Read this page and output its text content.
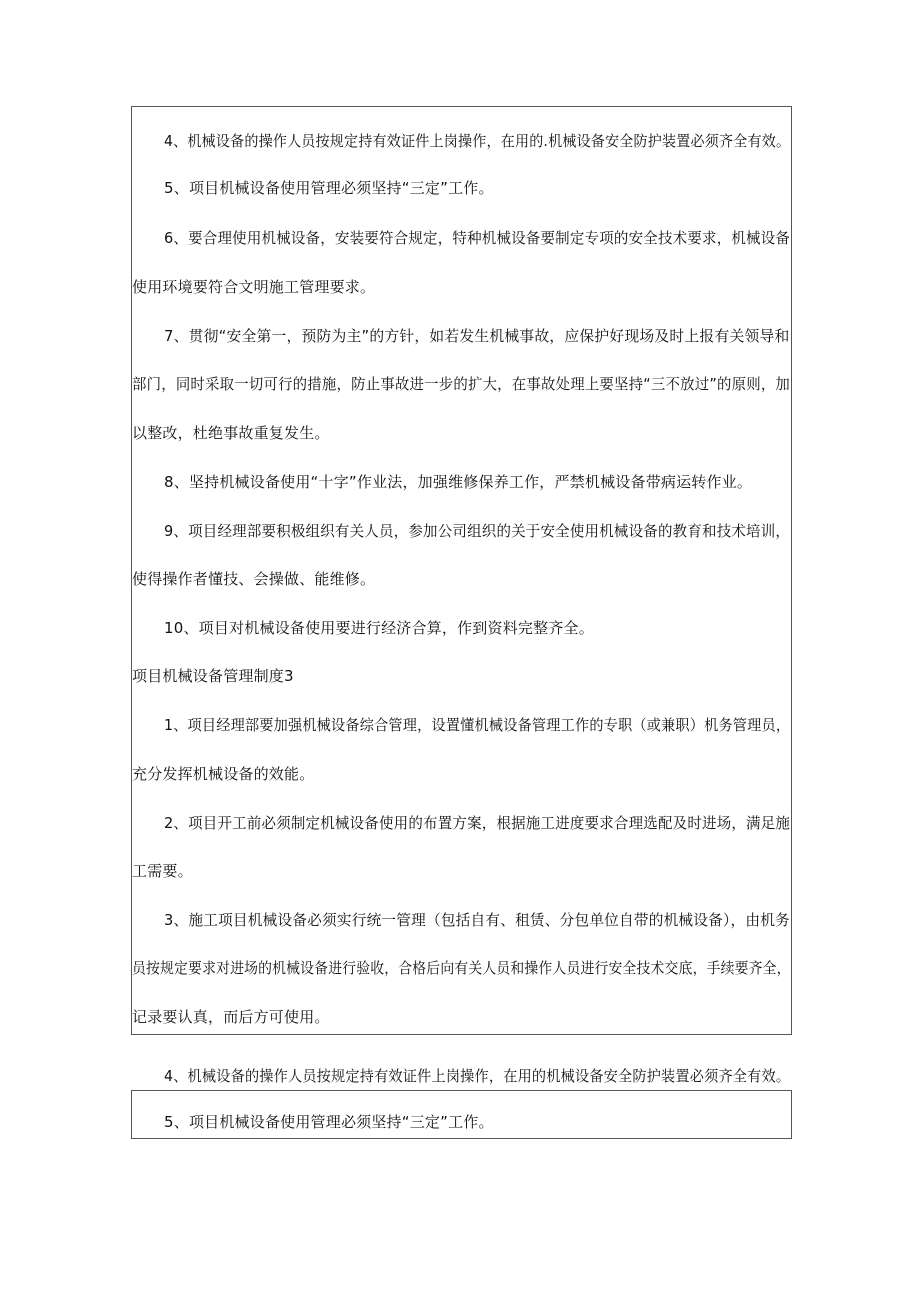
4、机械设备的操作人员按规定持有效证件上岗操作，在用的.机械设备安全防护装置必须齐全有效。
5、项目机械设备使用管理必须坚持“三定”工作。
6、要合理使用机械设备，安装要符合规定，特种机械设备要制定专项的安全技术要求，机械设备
使用环境要符合文明施工管理要求。
7、贯彻“安全第一，预防为主”的方针，如若发生机械事故，应保护好现场及时上报有关领导和
部门，同时采取一切可行的措施，防止事故进一步的扩大，在事故处理上要坚持“三不放过”的原则，加
以整改，杜绝事故重复发生。
8、坚持机械设备使用“十字”作业法，加强维修保养工作，严禁机械设备带病运转作业。
9、项目经理部要积极组织有关人员，参加公司组织的关于安全使用机械设备的教育和技术培训，
使得操作者懂技、会操做、能维修。
10、项目对机械设备使用要进行经济合算，作到资料完整齐全。
项目机械设备管理制度3
1、项目经理部要加强机械设备综合管理，设置懂机械设备管理工作的专职（或兼职）机务管理员，
充分发挥机械设备的效能。
2、项目开工前必须制定机械设备使用的布置方案，根据施工进度要求合理选配及时进场，满足施
工需要。
3、施工项目机械设备必须实行统一管理（包括自有、租赁、分包单位自带的机械设备），由机务
员按规定要求对进场的机械设备进行验收，合格后向有关人员和操作人员进行安全技术交底，手续要齐全，
记录要认真，而后方可使用。
4、机械设备的操作人员按规定持有效证件上岗操作，在用的机械设备安全防护装置必须齐全有效。
5、项目机械设备使用管理必须坚持“三定”工作。
